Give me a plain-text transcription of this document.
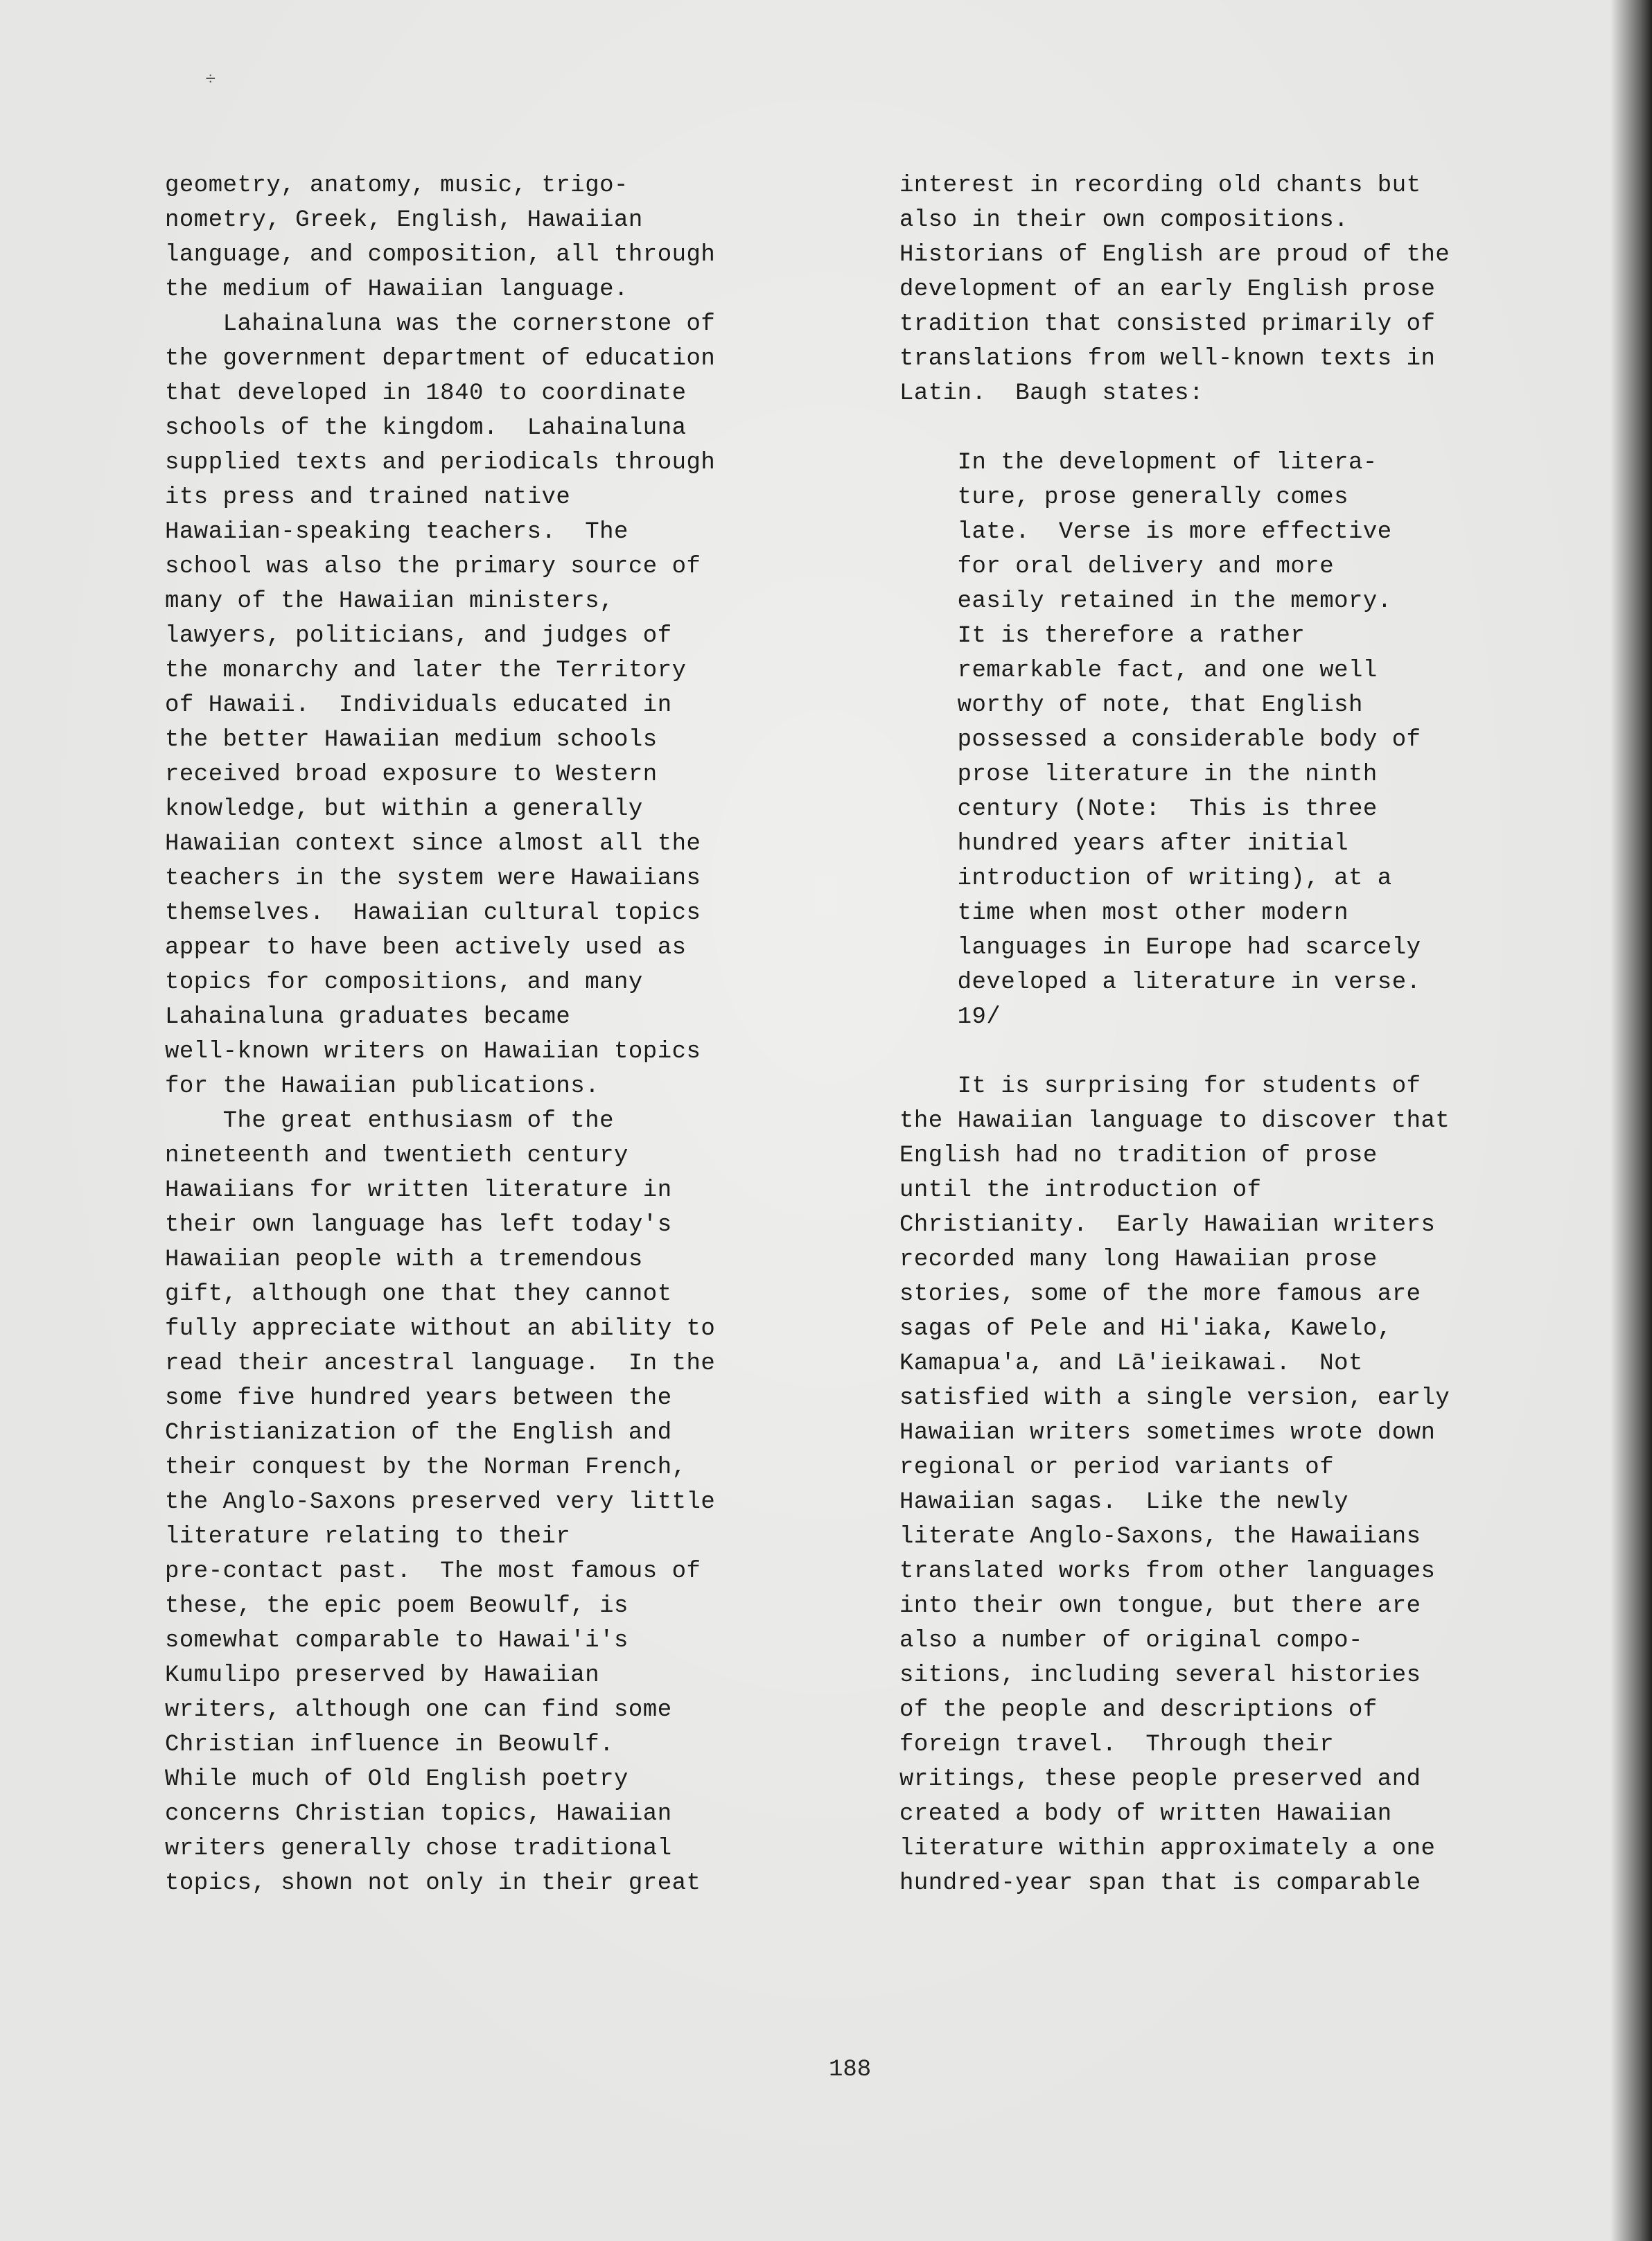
÷
geometry, anatomy, music, trigo-
nometry, Greek, English, Hawaiian
language, and composition, all through
the medium of Hawaiian language.
Lahainaluna was the cornerstone of
the government department of education
that developed in 1840 to coordinate
schools of the kingdom.  Lahainaluna
supplied texts and periodicals through
its press and trained native
Hawaiian-speaking teachers.  The
school was also the primary source of
many of the Hawaiian ministers,
lawyers, politicians, and judges of
the monarchy and later the Territory
of Hawaii.  Individuals educated in
the better Hawaiian medium schools
received broad exposure to Western
knowledge, but within a generally
Hawaiian context since almost all the
teachers in the system were Hawaiians
themselves.  Hawaiian cultural topics
appear to have been actively used as
topics for compositions, and many
Lahainaluna graduates became
well-known writers on Hawaiian topics
for the Hawaiian publications.
The great enthusiasm of the
nineteenth and twentieth century
Hawaiians for written literature in
their own language has left today's
Hawaiian people with a tremendous
gift, although one that they cannot
fully appreciate without an ability to
read their ancestral language.  In the
some five hundred years between the
Christianization of the English and
their conquest by the Norman French,
the Anglo-Saxons preserved very little
literature relating to their
pre-contact past.  The most famous of
these, the epic poem Beowulf, is
somewhat comparable to Hawai'i's
Kumulipo preserved by Hawaiian
writers, although one can find some
Christian influence in Beowulf.
While much of Old English poetry
concerns Christian topics, Hawaiian
writers generally chose traditional
topics, shown not only in their great
interest in recording old chants but
also in their own compositions.
Historians of English are proud of the
development of an early English prose
tradition that consisted primarily of
translations from well-known texts in
Latin.  Baugh states:
In the development of litera-
ture, prose generally comes
late.  Verse is more effective
for oral delivery and more
easily retained in the memory.
It is therefore a rather
remarkable fact, and one well
worthy of note, that English
possessed a considerable body of
prose literature in the ninth
century (Note:  This is three
hundred years after initial
introduction of writing), at a
time when most other modern
languages in Europe had scarcely
developed a literature in verse.
19/
It is surprising for students of
the Hawaiian language to discover that
English had no tradition of prose
until the introduction of
Christianity.  Early Hawaiian writers
recorded many long Hawaiian prose
stories, some of the more famous are
sagas of Pele and Hi'iaka, Kawelo,
Kamapua'a, and Lā'ieikawai.  Not
satisfied with a single version, early
Hawaiian writers sometimes wrote down
regional or period variants of
Hawaiian sagas.  Like the newly
literate Anglo-Saxons, the Hawaiians
translated works from other languages
into their own tongue, but there are
also a number of original compo-
sitions, including several histories
of the people and descriptions of
foreign travel.  Through their
writings, these people preserved and
created a body of written Hawaiian
literature within approximately a one
hundred-year span that is comparable
188
